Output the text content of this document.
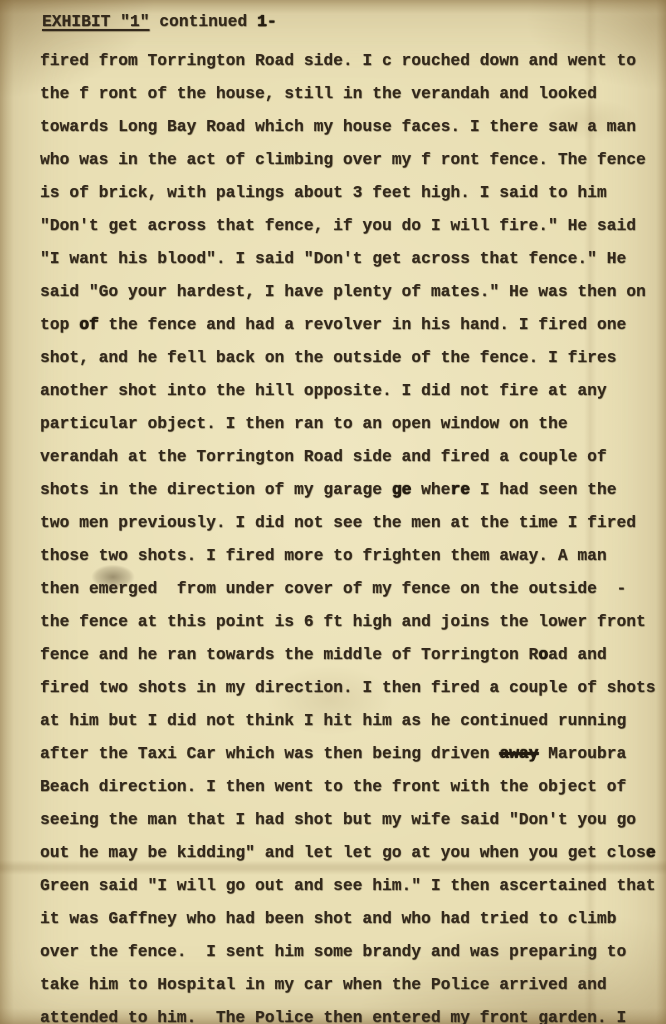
EXHIBIT "1" continued 1-
fired from Torrington Road side. I c rouched down and went to
the f ront of the house, still in the verandah and looked
towards Long Bay Road which my house faces. I there saw a man
who was in the act of climbing over my f ront fence. The fence
is of brick, with palings about 3 feet high. I said to him
"Don't get across that fence, if you do I will fire." He said
"I want his blood". I said "Don't get across that fence." He
said "Go your hardest, I have plenty of mates." He was then on
top of the fence and had a revolver in his hand. I fired one
shot, and he fell back on the outside of the fence. I fires
another shot into the hill opposite. I did not fire at any
particular object. I then ran to an open window on the
verandah at the Torrington Road side and fired a couple of
shots in the direction of my garage ge where I had seen the
two men previously. I did not see the men at the time I fired
those two shots. I fired more to frighten them away. A man
then emerged  from under cover of my fence on the outside  -
the fence at this point is 6 ft high and joins the lower front
fence and he ran towards the middle of Torrington Road and
fired two shots in my direction. I then fired a couple of shots
at him but I did not think I hit him as he continued running
after the Taxi Car which was then being driven away Maroubra
Beach direction. I then went to the front with the object of
seeing the man that I had shot but my wife said "Don't you go
out he may be kidding" and let let go at you when you get close
Green said "I will go out and see him." I then ascertained that
it was Gaffney who had been shot and who had tried to climb
over the fence.  I sent him some brandy and was preparing to
take him to Hospital in my car when the Police arrived and
attended to him.  The Police then entered my front garden. I
